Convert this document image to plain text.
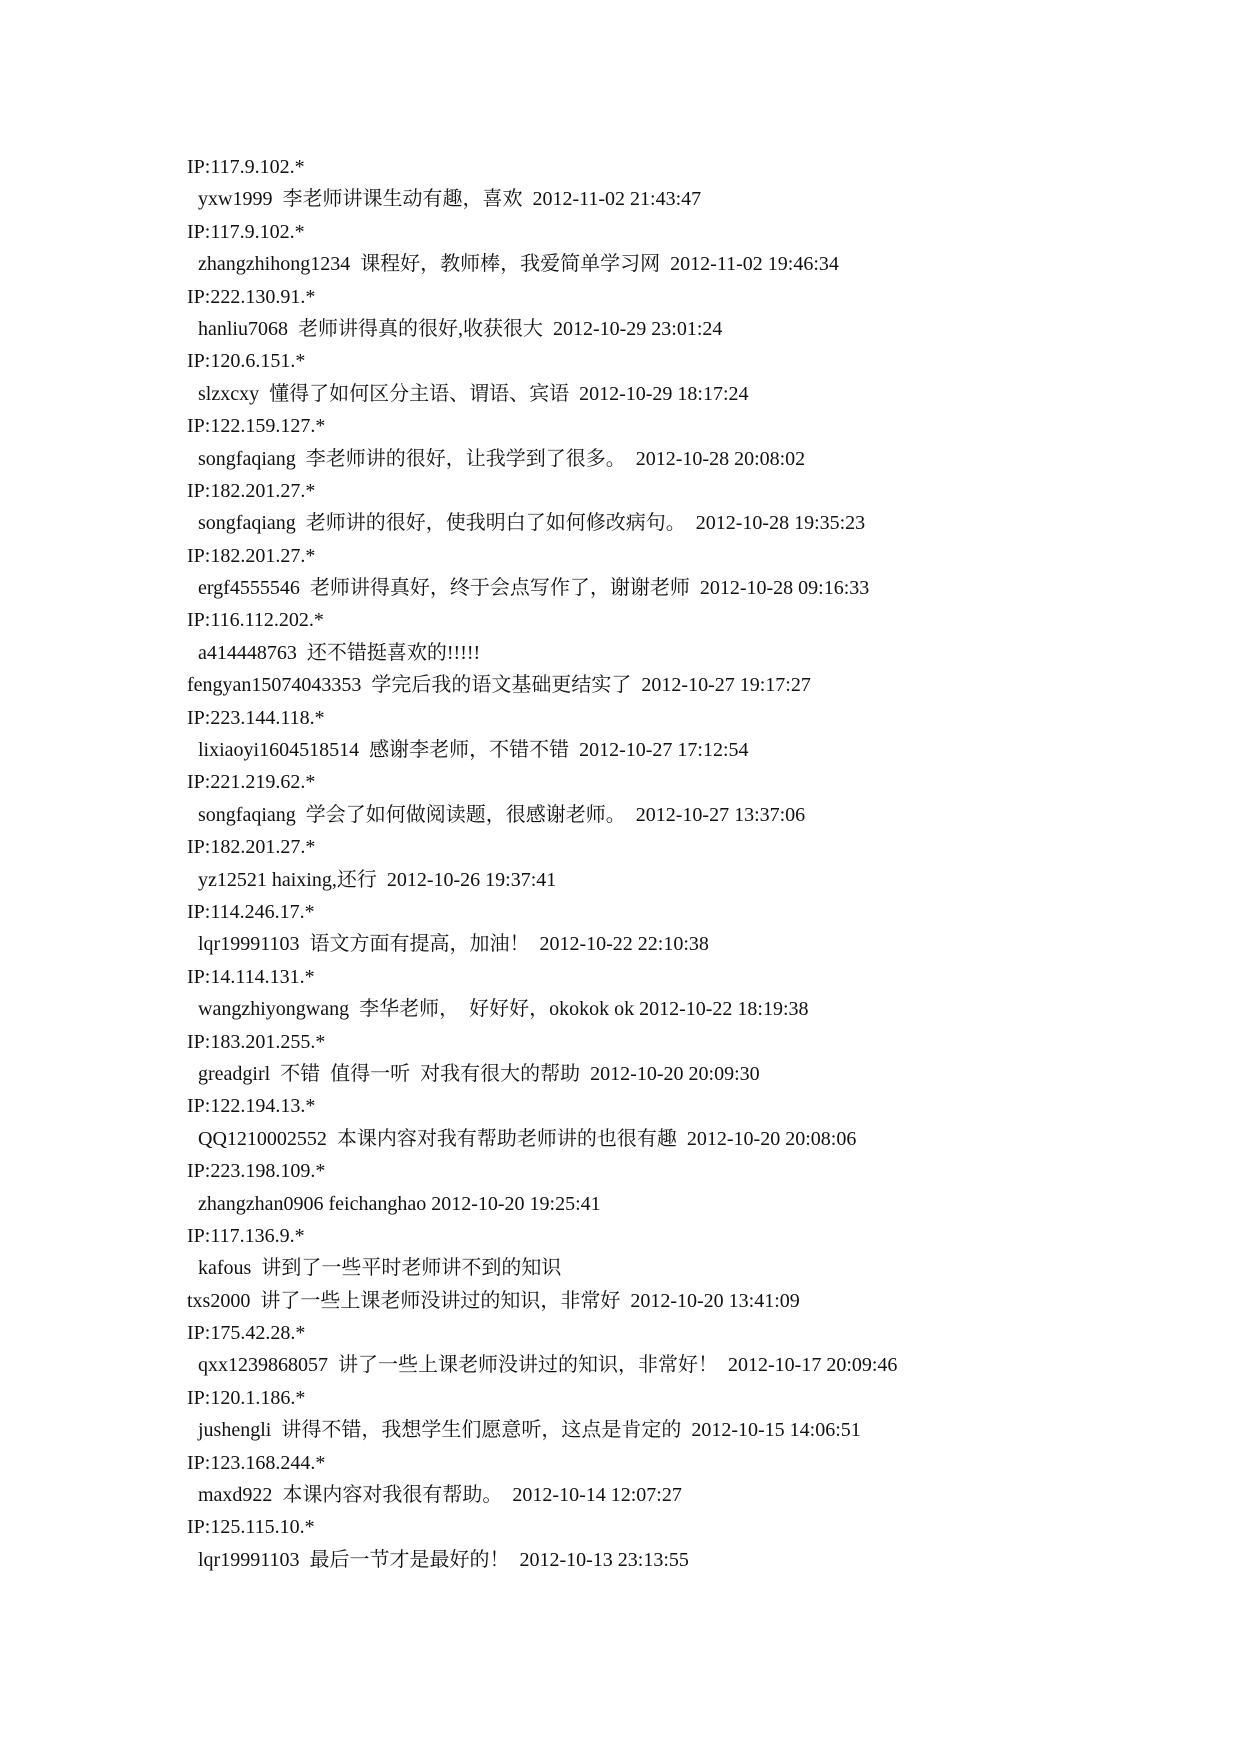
IP:117.9.102.*
yxw1999  李老师讲课生动有趣，喜欢  2012-11-02 21:43:47
IP:117.9.102.*
zhangzhihong1234  课程好，教师棒，我爱简单学习网  2012-11-02 19:46:34
IP:222.130.91.*
hanliu7068  老师讲得真的很好,收获很大  2012-10-29 23:01:24
IP:120.6.151.*
slzxcxy  懂得了如何区分主语、谓语、宾语  2012-10-29 18:17:24
IP:122.159.127.*
songfaqiang  李老师讲的很好，让我学到了很多。  2012-10-28 20:08:02
IP:182.201.27.*
songfaqiang  老师讲的很好，使我明白了如何修改病句。  2012-10-28 19:35:23
IP:182.201.27.*
ergf4555546  老师讲得真好，终于会点写作了，谢谢老师  2012-10-28 09:16:33
IP:116.112.202.*
a414448763  还不错挺喜欢的!!!!!
fengyan15074043353  学完后我的语文基础更结实了  2012-10-27 19:17:27
IP:223.144.118.*
lixiaoyi1604518514  感谢李老师，不错不错  2012-10-27 17:12:54
IP:221.219.62.*
songfaqiang  学会了如何做阅读题，很感谢老师。  2012-10-27 13:37:06
IP:182.201.27.*
yz12521 haixing,还行  2012-10-26 19:37:41
IP:114.246.17.*
lqr19991103  语文方面有提高，加油！  2012-10-22 22:10:38
IP:14.114.131.*
wangzhiyongwang  李华老师，  好好好，okokok ok 2012-10-22 18:19:38
IP:183.201.255.*
greadgirl  不错  值得一听  对我有很大的帮助  2012-10-20 20:09:30
IP:122.194.13.*
QQ1210002552  本课内容对我有帮助老师讲的也很有趣  2012-10-20 20:08:06
IP:223.198.109.*
zhangzhan0906 feichanghao 2012-10-20 19:25:41
IP:117.136.9.*
kafous  讲到了一些平时老师讲不到的知识
txs2000  讲了一些上课老师没讲过的知识，非常好  2012-10-20 13:41:09
IP:175.42.28.*
qxx1239868057  讲了一些上课老师没讲过的知识，非常好！  2012-10-17 20:09:46
IP:120.1.186.*
jushengli  讲得不错，我想学生们愿意听，这点是肯定的  2012-10-15 14:06:51
IP:123.168.244.*
maxd922  本课内容对我很有帮助。  2012-10-14 12:07:27
IP:125.115.10.*
lqr19991103  最后一节才是最好的！  2012-10-13 23:13:55
